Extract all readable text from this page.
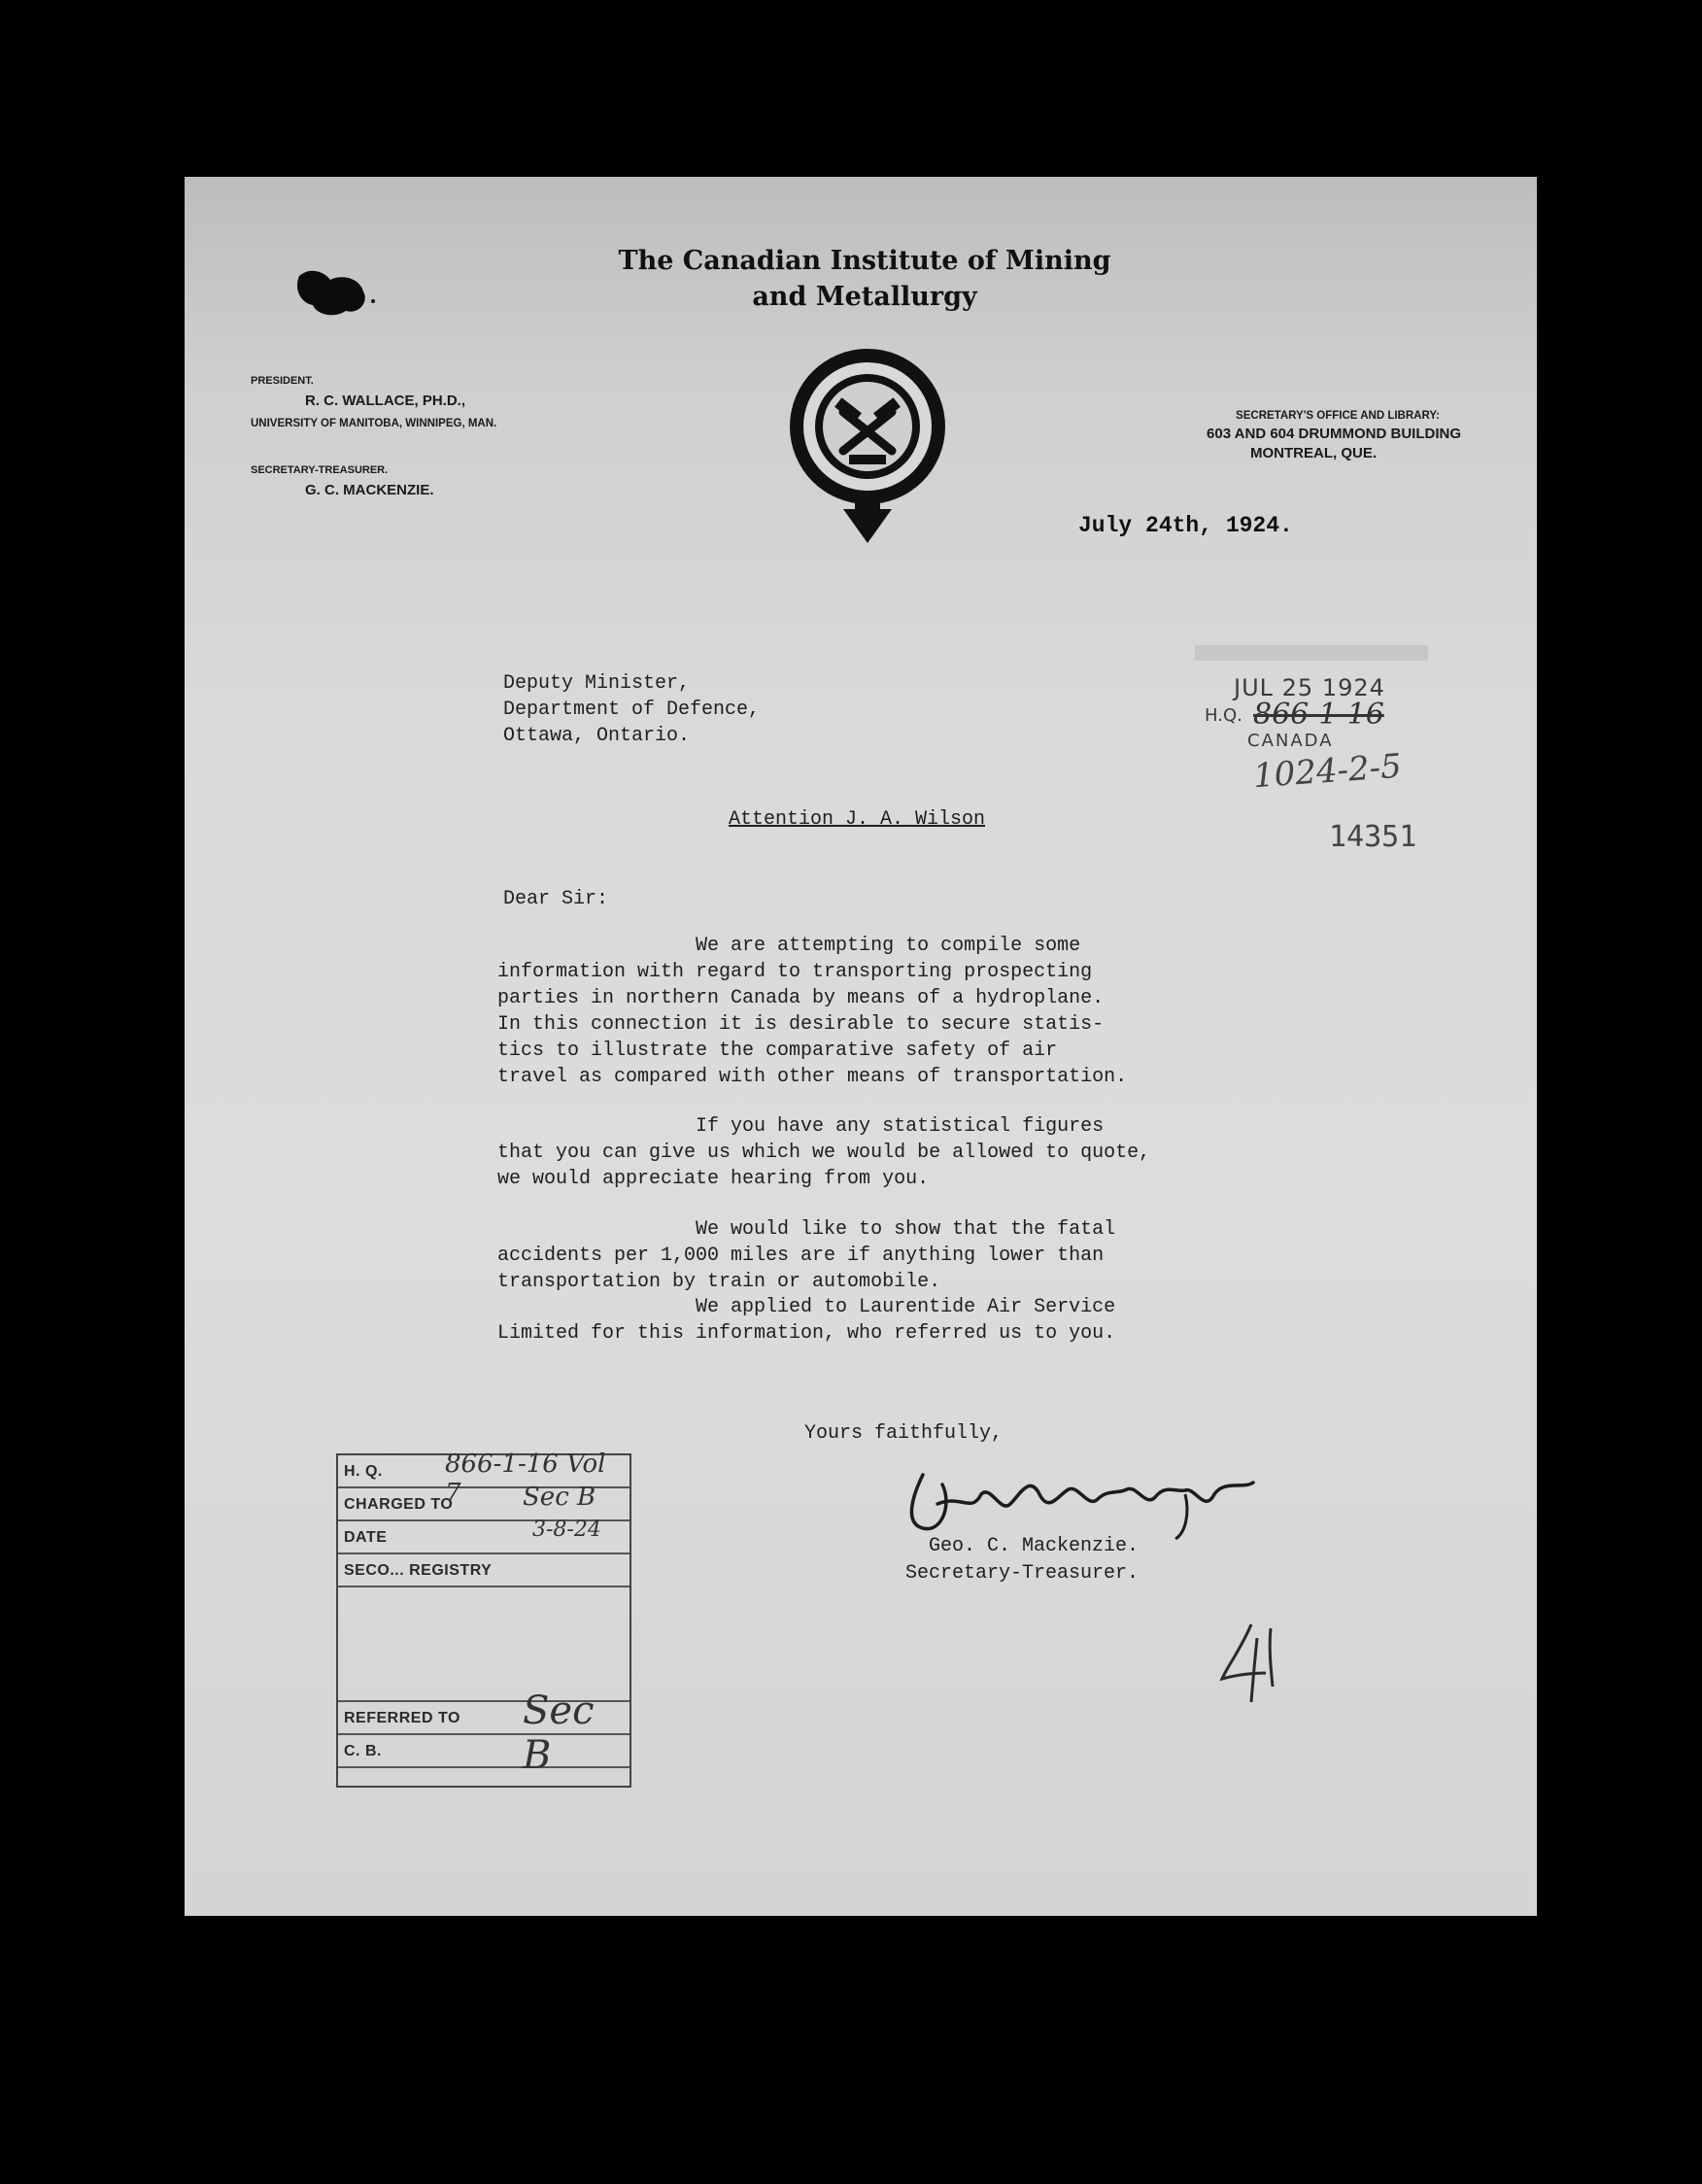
The Canadian Institute of Mining
and Metallurgy
PRESIDENT.
R. C. WALLACE, PH.D.,
UNIVERSITY OF MANITOBA, WINNIPEG, MAN.
SECRETARY-TREASURER.
G. C. MACKENZIE.
SECRETARY'S OFFICE AND LIBRARY:
603 AND 604 DRUMMOND BUILDING
MONTREAL, QUE.
July 24th, 1924.
JUL 25 1924
H.Q. 866-1-16
CANADA
1024-2-5
14351
Deputy Minister,
Department of Defence,
Ottawa, Ontario.
Attention J. A. Wilson
Dear Sir:
We are attempting to compile some
information with regard to transporting prospecting
parties in northern Canada by means of a hydroplane.
In this connection it is desirable to secure statis-
tics to illustrate the comparative safety of air
travel as compared with other means of transportation.
If you have any statistical figures
that you can give us which we would be allowed to quote,
we would appreciate hearing from you.
We would like to show that the fatal
accidents per 1,000 miles are if anything lower than
transportation by train or automobile.
We applied to Laurentide Air Service
Limited for this information, who referred us to you.
Yours faithfully,
Geo. C. Mackenzie.
Secretary-Treasurer.
H. Q.
CHARGED TO
DATE
SECO... REGISTRY
REFERRED TO
C. B.
866-1-16 Vol 7	Sec B
3-8-24
Sec B
